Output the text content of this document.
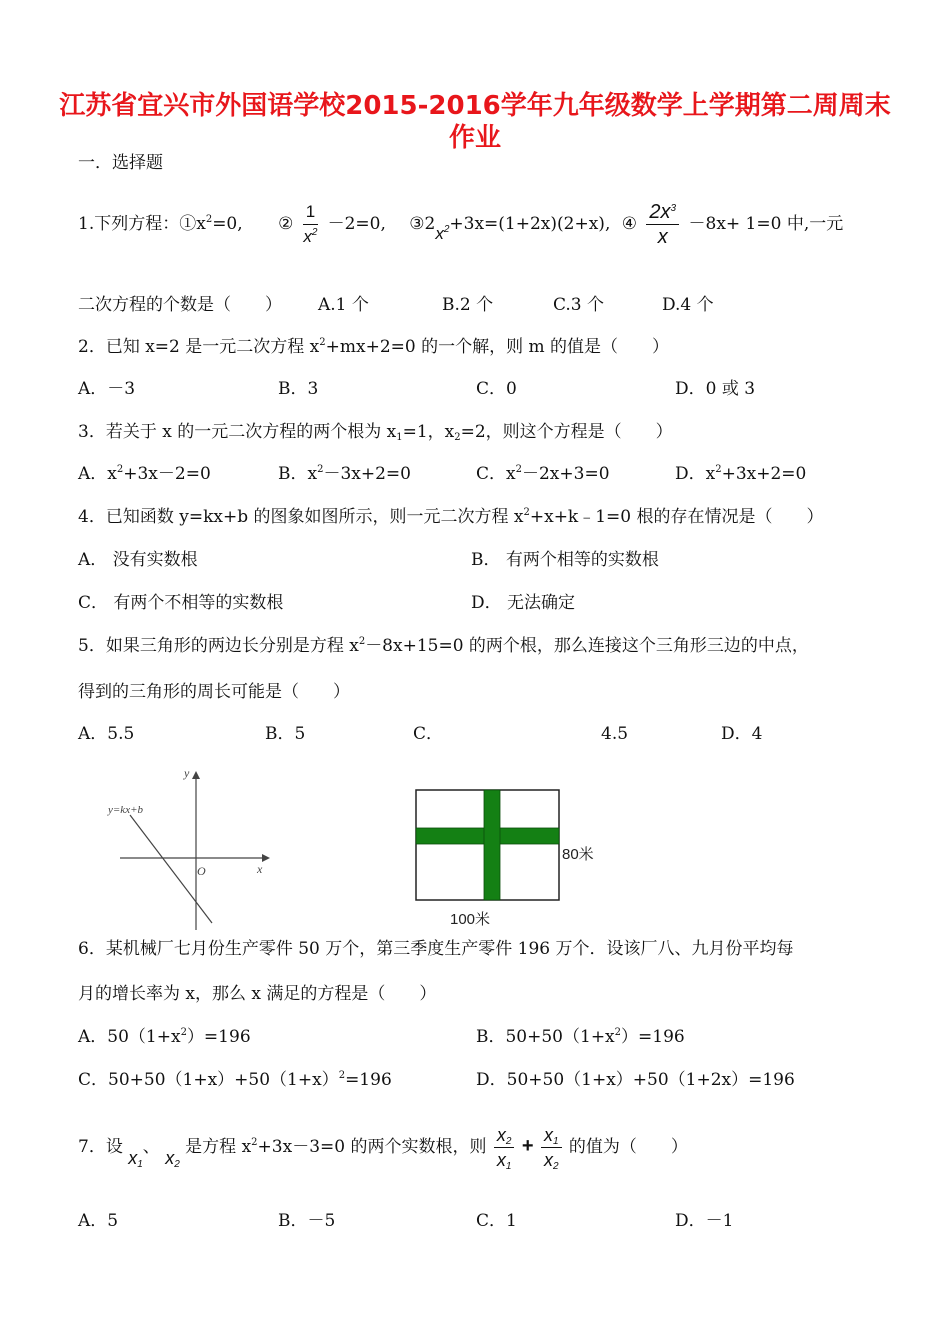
江苏省宜兴市外国语学校2015-2016学年九年级数学上学期第二周周末
作业
一．选择题
1.下列方程：$①x^2=0$, ② $\frac{1}{x^2} -2=0$, $③2x^2+3x=(1+2x)(2+x)$, ④ $\frac{2x^3}{x} -8x+ 1=0$ 中,一元
二次方程的个数是（　　） A.1 个	B.2 个	C.3 个	D.4 个
2．已知 x=2 是一元二次方程 $x^2+mx+2=0$ 的一个解，则 m 的值是（　　）
A．－3	B．3	C．0	D．0 或 3
3．若关于 x 的一元二次方程的两个根为 $x_1=1$，$x_2=2$，则这个方程是（　　）
A．$x^2+3x-2=0$	B．$x^2-3x+2=0$	C．$x^2-2x+3=0$	D．$x^2+3x+2=0$
4．已知函数 y=kx+b 的图象如图所示，则一元二次方程 $x^2+x+k﹣1=0$ 根的存在情况是（　　）
A． 没有实数根	B． 有两个相等的实数根
C． 有两个不相等的实数根	D． 无法确定
5．如果三角形的两边长分别是方程 $x^2-8x+15=0$ 的两个根，那么连接这个三角形三边的中点，
得到的三角形的周长可能是（　　）
A．5.5	B．5	C．	4.5	D．4
y
x
O
y=kx+b
80米
100米
6．某机械厂七月份生产零件 50 万个，第三季度生产零件 196 万个．设该厂八、九月份平均每
月的增长率为 x，那么 x 满足的方程是（　　）
A．$50(1+x^2)=196$	B．$50+50(1+x^2)=196$
C．$50+50(1+x)+50(1+x)^2=196$	D．50+50（1+x）+50（1+2x）=196
7．设 $x_1$、 $x_2$ 是方程 $x^2+3x-3=0$ 的两个实数根，则 $\frac{x_2}{x_1} + \frac{x_1}{x_2}$ 的值为（　　）
A．5	B．－5	C．1	D．－1
